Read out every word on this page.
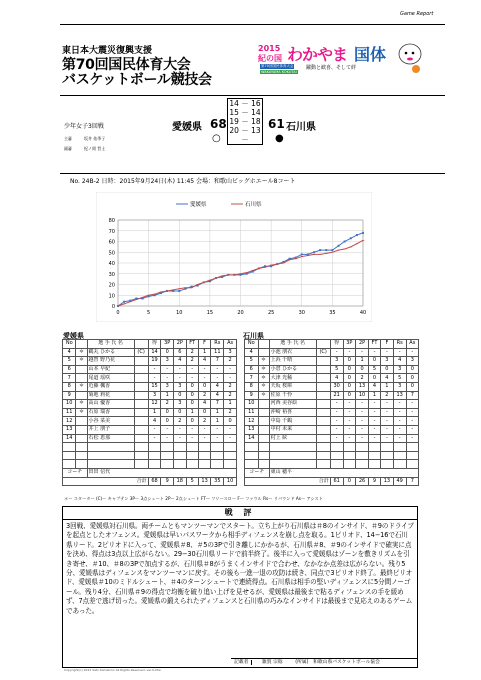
Game Report
東日本大震災復興支援
第70回国民体育大会
バスケットボール競技会
2015
紀の国 わかやま 国体
第70回国民体育大会	躍動と歓喜、そして絆
WAKAYAMA KOKUTAI
少年女子3回戦
主審	坂井 佑季子
副審	紀ノ岡 哲士
愛媛県 68
14 － 16
15 － 14
19 － 18
20 － 13
－
61 石川県
○	●
No. 24B-2 日時：2015年9月24日(木) 11:45 会場：和歌山ビッグホエール8コート
0
10
20
30
40
50
60
70
80
0	5	10	15	20	25	30	35	40
愛媛県	石川県
愛媛県	石川県
No		選 手 氏 名		得	3P	2P	FT	F	Rs	As
4	＊	鵜丸 ひかる	(C)	14	0	6	2	1	11	3
5	＊	越智 野乃花		19	3	4	2	4	7	2
6		山本 早紀		-	-	-	-	-	-	-
7		尾道 瑶咲		-	-	-	-	-	-	-
8	＊	近藤 楓香		15	3	3	0	0	4	2
9		菊地 莉花		3	1	0	0	2	4	2
10	＊	高山 優香		12	2	3	0	4	7	1
11	＊	石原 瑞香		1	0	0	1	0	1	2
12		小谷 菜美		4	0	2	0	2	1	0
13		井上 朋子		-	-	-	-	-	-	-
14		石松 恵那		-	-	-	-	-	-	-

コーチ		田田 信代								
合計				68	9	18	5	13	35	10
No		選 手 氏 名		得	3P	2P	FT	F	Rs	As
4		小池 朋衣	(C)	-	-	-	-	-	-	-
5	＊	上浜 千晴		3	0	1	0	3	4	3
6	＊	小倉 ひかる		5	0	0	5	0	3	0
7	＊	大津 光稀		4	0	2	0	4	5	0
8	＊	天坂 桜庫		30	0	13	4	1	3	0
9	＊	佐原 千怜		21	0	10	1	2	13	7
10		河西 美谷絵		-	-	-	-	-	-	-
11		沖崎 裕喜		-	-	-	-	-	-	-
12		中島 千鶴		-	-	-	-	-	-	-
13		中村 未来		-	-	-	-	-	-	-
14		村上 絃		-	-	-	-	-	-	-

コーチ		東山 穂平								
合計				61	0	26	9	13	49	7
＊ー スターター (C)ー キャプテン 3Pー 3点シュート 2Pー 2点シュート FTー フリースロー Fー ファウル Rsー リバウンド Asー アシスト
戦 評
3回戦、愛媛県対石川県。両チームともマンツーマンでスタート。立ち上がり石川県は＃8のインサイド、＃9のドライブを起点としたオフェンス。愛媛県は早いパスワークから相手ディフェンスを崩し点を取る。1ピリオド、14−16で石川県リード。2ピリオドに入って、愛媛県＃8、＃5の3Pで引き離しにかかるが、石川県＃8、＃9のインサイドで確実に点を決め、得点は3点以上広がらない。29−30石川県リードで前半終了。後半に入って愛媛県はゾーンを敷きリズムを引き寄せ、＃10、＃8の3Pで加点するが、石川県＃8がうまくインサイドで合わせ、なかなか点差は広がらない。残り5分、愛媛県はディフェンスをマンツーマンに戻す。その後も一進一退の攻防は続き、同点で3ピリオド終了。最終ピリオド、愛媛県＃10のミドルシュート、＃4のターンシュートで連続得点。石川県は相手の堅いディフェンスに5分間ノーゴール。残り4分、石川県＃9の得点で均衡を破り追い上げを見せるが、愛媛県は最後まで粘るディフェンスの手を緩めず、7点差で逃げ切った。愛媛県の鍛えられたディフェンスと石川県の巧みなインサイドは最後まで見応えのあるゲームであった。
記載者	雑賀 宗稔	(所属) 和歌山県バスケットボール協会
Copyright(c) 2015 Sato Komakino All Rights Reserved. ver.0.05a
